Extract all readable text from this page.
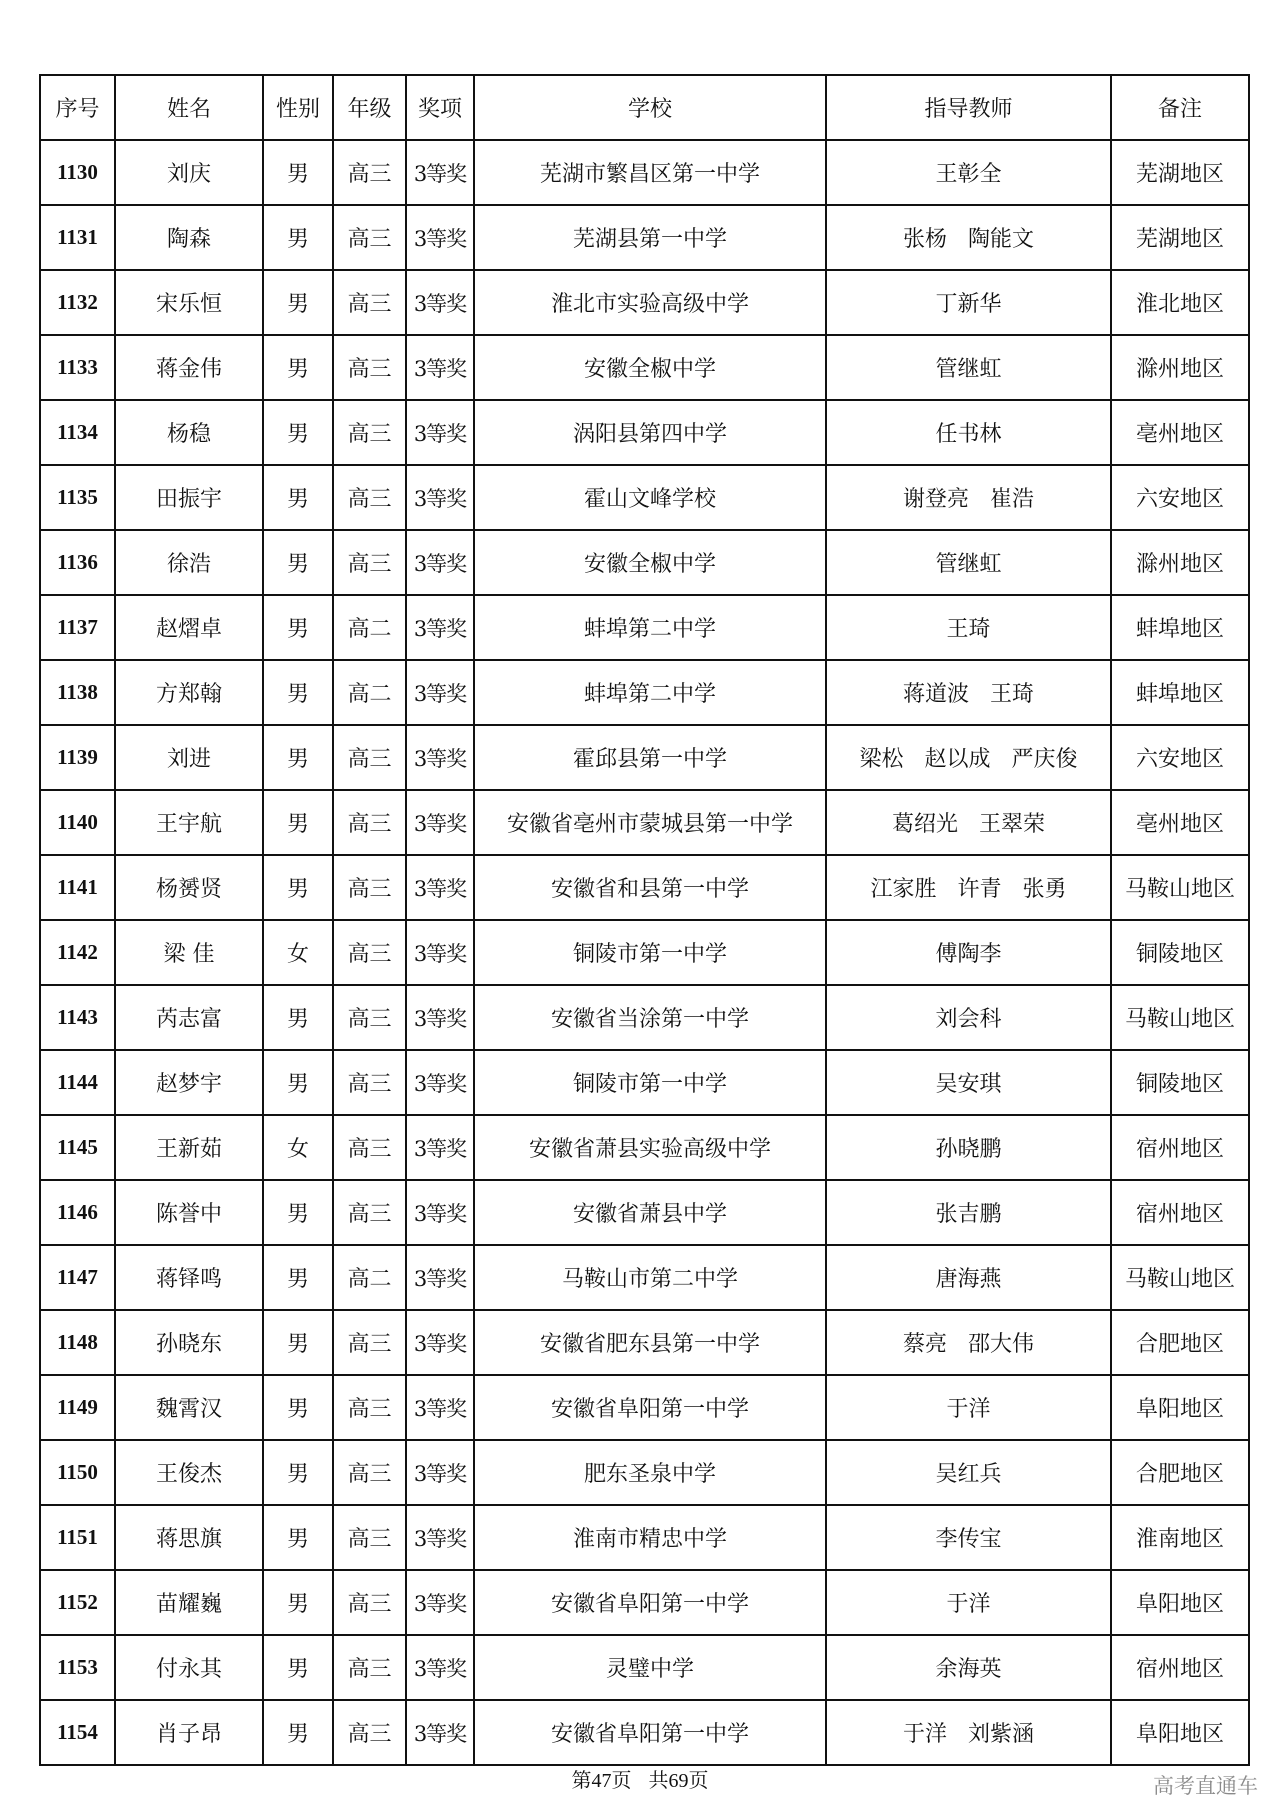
序号	姓名	性别	年级	奖项	学校	指导教师	备注
1130	刘庆	男	高三	3等奖	芜湖市繁昌区第一中学	王彰全	芜湖地区
1131	陶森	男	高三	3等奖	芜湖县第一中学	张杨 陶能文	芜湖地区
1132	宋乐恒	男	高三	3等奖	淮北市实验高级中学	丁新华	淮北地区
1133	蒋金伟	男	高三	3等奖	安徽全椒中学	管继虹	滁州地区
1134	杨稳	男	高三	3等奖	涡阳县第四中学	任书林	亳州地区
1135	田振宇	男	高三	3等奖	霍山文峰学校	谢登亮 崔浩	六安地区
1136	徐浩	男	高三	3等奖	安徽全椒中学	管继虹	滁州地区
1137	赵熠卓	男	高二	3等奖	蚌埠第二中学	王琦	蚌埠地区
1138	方郑翰	男	高二	3等奖	蚌埠第二中学	蒋道波 王琦	蚌埠地区
1139	刘进	男	高三	3等奖	霍邱县第一中学	梁松 赵以成 严庆俊	六安地区
1140	王宇航	男	高三	3等奖	安徽省亳州市蒙城县第一中学	葛绍光 王翠荣	亳州地区
1141	杨赟贤	男	高三	3等奖	安徽省和县第一中学	江家胜 许青 张勇	马鞍山地区
1142	梁 佳	女	高三	3等奖	铜陵市第一中学	傅陶李	铜陵地区
1143	芮志富	男	高三	3等奖	安徽省当涂第一中学	刘会科	马鞍山地区
1144	赵梦宇	男	高三	3等奖	铜陵市第一中学	吴安琪	铜陵地区
1145	王新茹	女	高三	3等奖	安徽省萧县实验高级中学	孙晓鹏	宿州地区
1146	陈誉中	男	高三	3等奖	安徽省萧县中学	张吉鹏	宿州地区
1147	蒋铎鸣	男	高二	3等奖	马鞍山市第二中学	唐海燕	马鞍山地区
1148	孙晓东	男	高三	3等奖	安徽省肥东县第一中学	蔡亮 邵大伟	合肥地区
1149	魏霄汉	男	高三	3等奖	安徽省阜阳第一中学	于洋	阜阳地区
1150	王俊杰	男	高三	3等奖	肥东圣泉中学	吴红兵	合肥地区
1151	蒋思旗	男	高三	3等奖	淮南市精忠中学	李传宝	淮南地区
1152	苗耀巍	男	高三	3等奖	安徽省阜阳第一中学	于洋	阜阳地区
1153	付永其	男	高三	3等奖	灵璧中学	余海英	宿州地区
1154	肖子昂	男	高三	3等奖	安徽省阜阳第一中学	于洋 刘紫涵	阜阳地区
第47页 共69页	高考直通车
